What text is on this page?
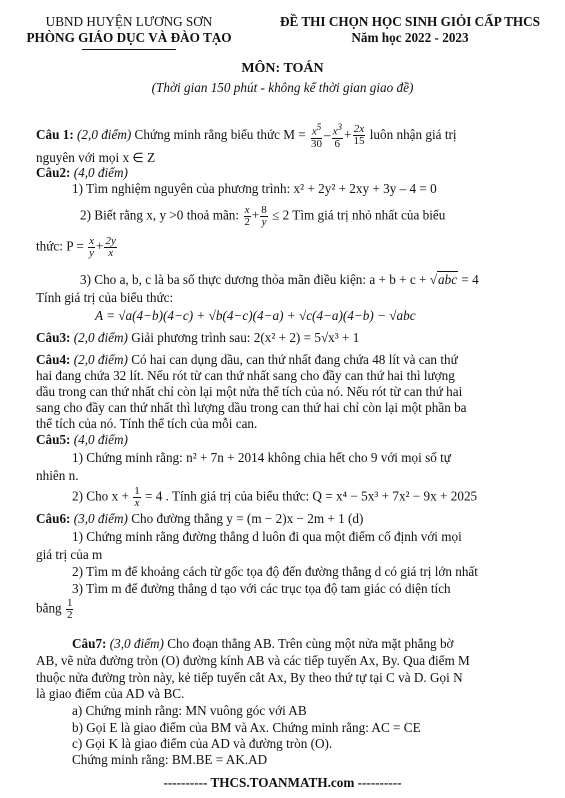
UBND HUYỆN LƯƠNG SƠN
PHÒNG GIÁO DỤC VÀ ĐÀO TẠO
ĐỀ THI CHỌN HỌC SINH GIỎI CẤP THCS
Năm học 2022 - 2023
MÔN: TOÁN
(Thời gian 150 phút - không kể thời gian giao đề)
Câu 1: (2,0 điểm) Chứng minh rằng biểu thức $M = \frac{x^5}{30} - \frac{x^3}{6} + \frac{2x}{15}$ luôn nhận giá trị
nguyên với mọi x ∈ Z
Câu2: (4,0 điểm)
1) Tìm nghiệm nguyên của phương trình: x² + 2y² + 2xy + 3y – 4 = 0
2) Biết rằng x, y >0 thoả mãn: $\frac{x}{2} + \frac{8}{y} \le 2$ Tìm giá trị nhỏ nhất của biểu
thức: $P = \frac{x}{y} + \frac{2y}{x}$
3) Cho a, b, c là ba số thực dương thỏa mãn điều kiện: a + b + c + √abc = 4
Tính giá trị của biểu thức:
A = √a(4−b)(4−c) + √b(4−c)(4−a) + √c(4−a)(4−b) − √abc
Câu3: (2,0 điểm) Giải phương trình sau: 2(x² + 2) = 5√x³ + 1
Câu4: (2,0 điểm) Có hai can dụng dầu, can thứ nhất đang chứa 48 lít và can thứ
hai đang chứa 32 lít. Nếu rót từ can thứ nhất sang cho đầy can thứ hai thì lượng
dầu trong can thứ nhất chỉ còn lại một nửa thể tích của nó. Nếu rót từ can thứ hai
sang cho đầy can thứ nhất thì lượng dầu trong can thứ hai chỉ còn lại một phần ba
thể tích của nó. Tính thể tích của mỗi can.
Câu5: (4,0 điểm)
1) Chứng minh rằng: n² + 7n + 2014 không chia hết cho 9 với mọi số tự
nhiên n.
2) Cho $x + \frac{1}{x} = 4$ . Tính giá trị của biểu thức: Q = x⁴ − 5x³ + 7x² − 9x + 2025
Câu6: (3,0 điểm) Cho đường thẳng y = (m − 2)x − 2m + 1 (d)
1) Chứng minh rằng đường thẳng d luôn đi qua một điểm cố định với mọi
giá trị của m
2) Tìm m để khoảng cách từ gốc tọa độ đến đường thẳng d có giá trị lớn nhất
3) Tìm m để đường thẳng d tạo với các trục tọa độ tam giác có diện tích
bằng $\frac{1}{2}$
Câu7: (3,0 điểm) Cho đoạn thẳng AB. Trên cùng một nửa mặt phẳng bờ
AB, vẽ nửa đường tròn (O) đường kính AB và các tiếp tuyến Ax, By. Qua điểm M
thuộc nửa đường tròn này, kẻ tiếp tuyến cắt Ax, By theo thứ tự tại C và D. Gọi N
là giao điểm của AD và BC.
a) Chứng minh rằng: MN vuông góc với AB
b) Gọi E là giao điểm của BM và Ax. Chứng minh rằng: AC = CE
c) Gọi K là giao điểm của AD và đường tròn (O).
Chứng minh rằng: BM.BE = AK.AD
---------- THCS.TOANMATH.com ----------
